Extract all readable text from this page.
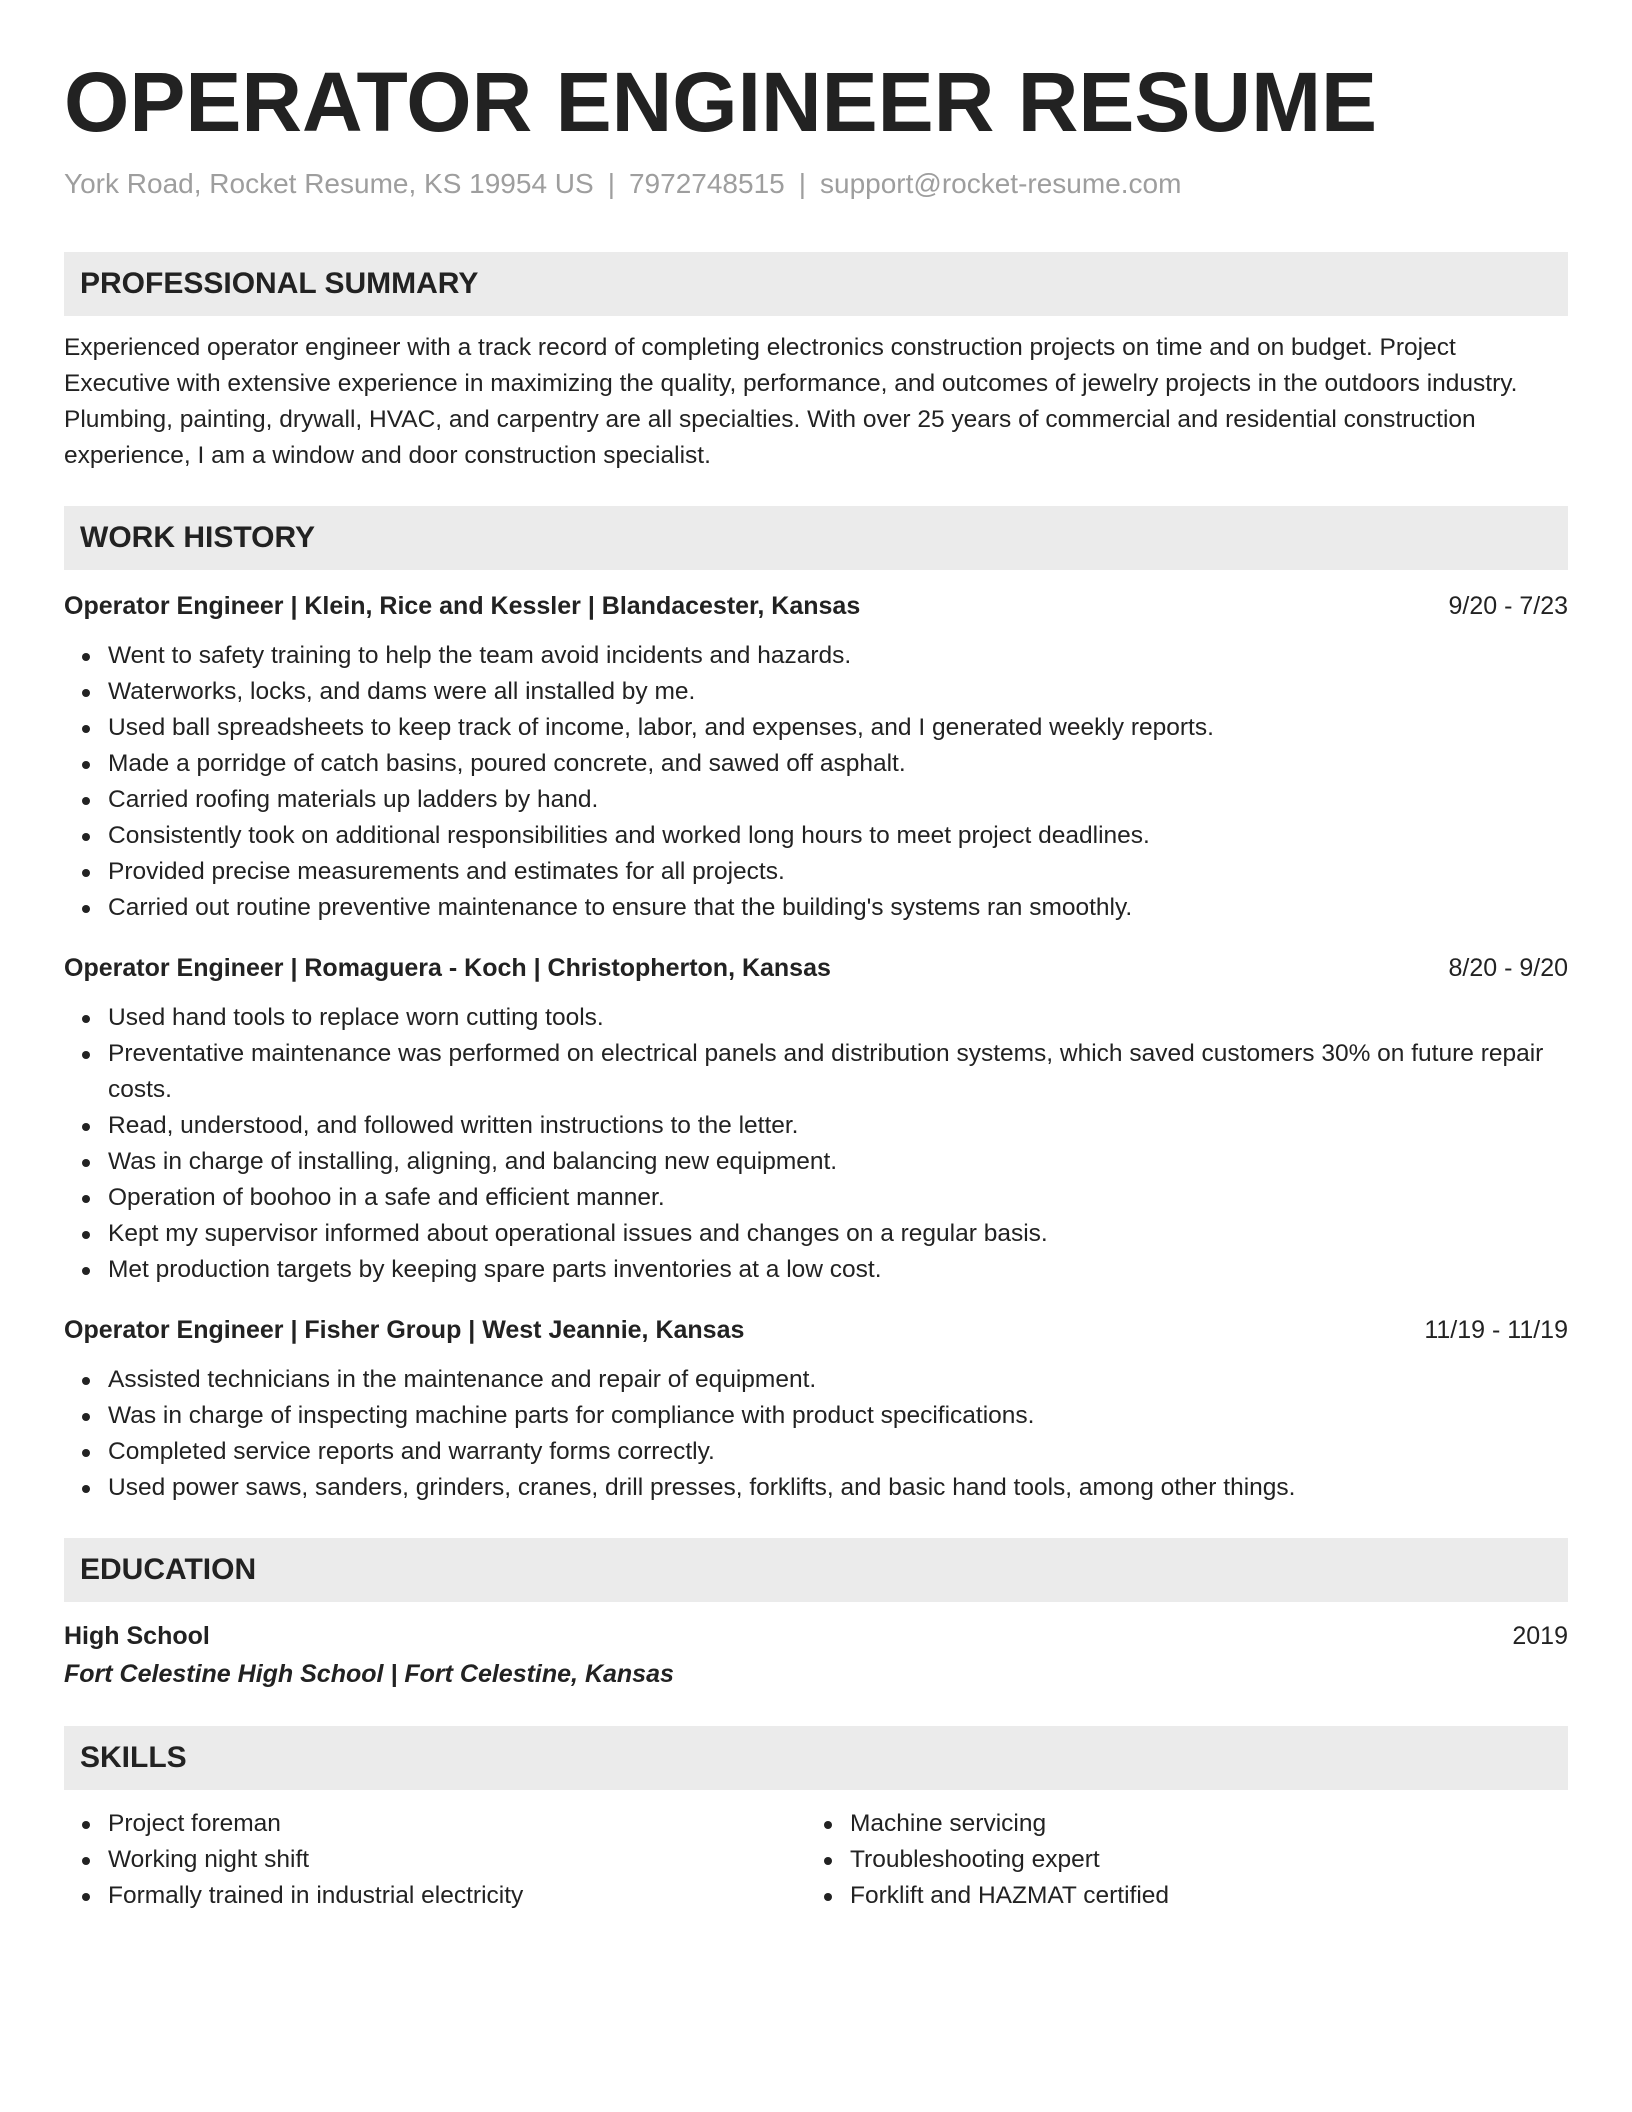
OPERATOR ENGINEER RESUME
York Road, Rocket Resume, KS 19954 US | 7972748515 | support@rocket-resume.com
PROFESSIONAL SUMMARY

Experienced operator engineer with a track record of completing electronics construction projects on time and on budget. Project Executive with extensive experience in maximizing the quality, performance, and outcomes of jewelry projects in the outdoors industry. Plumbing, painting, drywall, HVAC, and carpentry are all specialties. With over 25 years of commercial and residential construction experience, I am a window and door construction specialist.

WORK HISTORY
Operator Engineer | Klein, Rice and Kessler | Blandacester, Kansas	9/20 - 7/23
Went to safety training to help the team avoid incidents and hazards.
Waterworks, locks, and dams were all installed by me.
Used ball spreadsheets to keep track of income, labor, and expenses, and I generated weekly reports.
Made a porridge of catch basins, poured concrete, and sawed off asphalt.
Carried roofing materials up ladders by hand.
Consistently took on additional responsibilities and worked long hours to meet project deadlines.
Provided precise measurements and estimates for all projects.
Carried out routine preventive maintenance to ensure that the building's systems ran smoothly.
Operator Engineer | Romaguera - Koch | Christopherton, Kansas	8/20 - 9/20
Used hand tools to replace worn cutting tools.
Preventative maintenance was performed on electrical panels and distribution systems, which saved customers 30% on future repair costs.
Read, understood, and followed written instructions to the letter.
Was in charge of installing, aligning, and balancing new equipment.
Operation of boohoo in a safe and efficient manner.
Kept my supervisor informed about operational issues and changes on a regular basis.
Met production targets by keeping spare parts inventories at a low cost.
Operator Engineer | Fisher Group | West Jeannie, Kansas	11/19 - 11/19
Assisted technicians in the maintenance and repair of equipment.
Was in charge of inspecting machine parts for compliance with product specifications.
Completed service reports and warranty forms correctly.
Used power saws, sanders, grinders, cranes, drill presses, forklifts, and basic hand tools, among other things.
EDUCATION
High School	2019
Fort Celestine High School | Fort Celestine, Kansas
SKILLS
Project foreman
Working night shift
Formally trained in industrial electricity
Machine servicing
Troubleshooting expert
Forklift and HAZMAT certified
